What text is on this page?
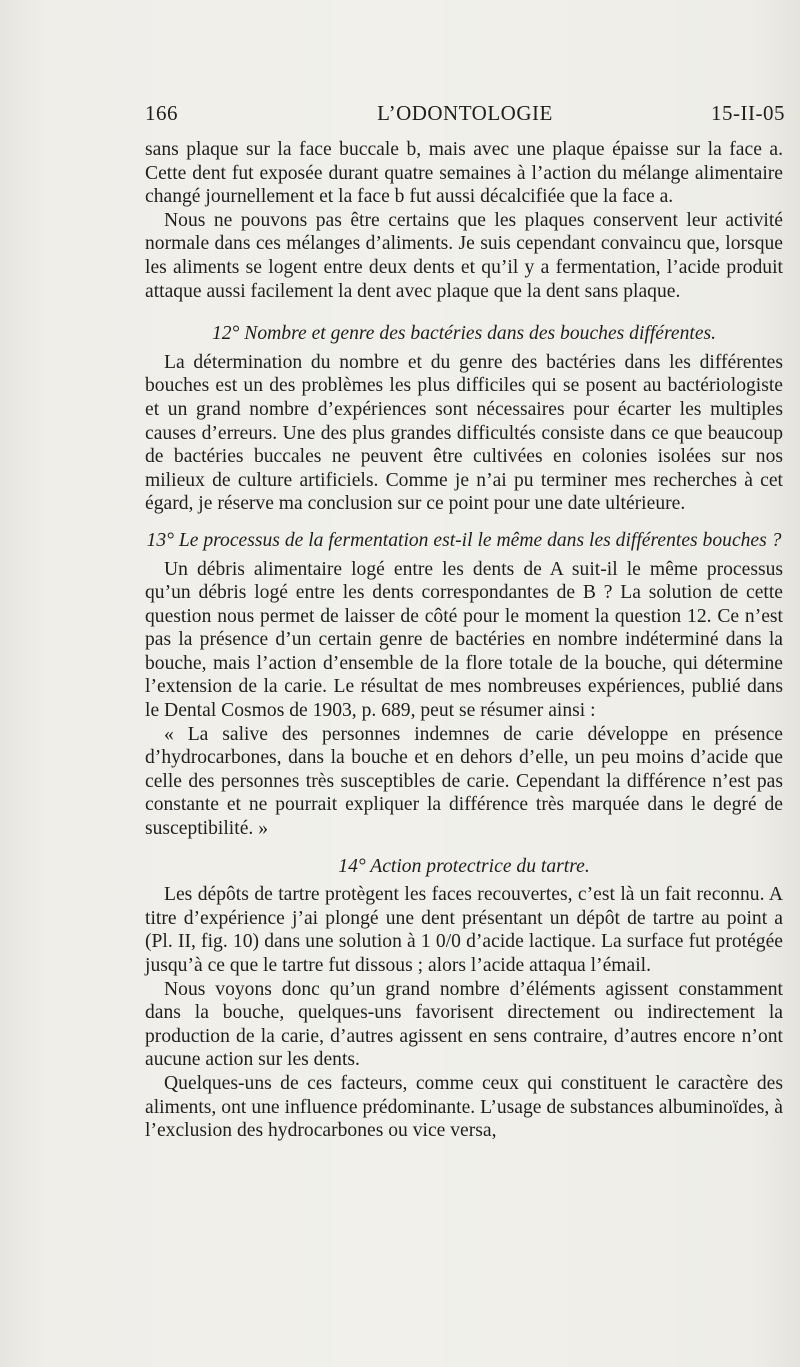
166	L’ODONTOLOGIE	15-II-05

sans plaque sur la face buccale b, mais avec une plaque épaisse sur la face a. Cette dent fut exposée durant quatre semaines à l’action du mélange alimentaire changé journellement et la face b fut aussi décalcifiée que la face a.

Nous ne pouvons pas être certains que les plaques conservent leur activité normale dans ces mélanges d’aliments. Je suis cependant convaincu que, lorsque les aliments se logent entre deux dents et qu’il y a fermentation, l’acide produit attaque aussi facilement la dent avec plaque que la dent sans plaque.

12° Nombre et genre des bactéries dans des bouches différentes.

La détermination du nombre et du genre des bactéries dans les différentes bouches est un des problèmes les plus difficiles qui se posent au bactériologiste et un grand nombre d’expériences sont nécessaires pour écarter les multiples causes d’erreurs. Une des plus grandes difficultés consiste dans ce que beaucoup de bactéries buccales ne peuvent être cultivées en colonies isolées sur nos milieux de culture artificiels. Comme je n’ai pu terminer mes recherches à cet égard, je réserve ma conclusion sur ce point pour une date ultérieure.

13° Le processus de la fermentation est-il le même dans les différentes bouches ?

Un débris alimentaire logé entre les dents de A suit-il le même processus qu’un débris logé entre les dents correspondantes de B ? La solution de cette question nous permet de laisser de côté pour le moment la question 12. Ce n’est pas la présence d’un certain genre de bactéries en nombre indéterminé dans la bouche, mais l’action d’ensemble de la flore totale de la bouche, qui détermine l’extension de la carie. Le résultat de mes nombreuses expériences, publié dans le Dental Cosmos de 1903, p. 689, peut se résumer ainsi :

« La salive des personnes indemnes de carie développe en présence d’hydrocarbones, dans la bouche et en dehors d’elle, un peu moins d’acide que celle des personnes très susceptibles de carie. Cependant la différence n’est pas constante et ne pourrait expliquer la différence très marquée dans le degré de susceptibilité. »

14° Action protectrice du tartre.

Les dépôts de tartre protègent les faces recouvertes, c’est là un fait reconnu. A titre d’expérience j’ai plongé une dent présentant un dépôt de tartre au point a (Pl. II, fig. 10) dans une solution à 1 0/0 d’acide lactique. La surface fut protégée jusqu’à ce que le tartre fut dissous ; alors l’acide attaqua l’émail.

Nous voyons donc qu’un grand nombre d’éléments agissent constamment dans la bouche, quelques-uns favorisent directement ou indirectement la production de la carie, d’autres agissent en sens contraire, d’autres encore n’ont aucune action sur les dents.

Quelques-uns de ces facteurs, comme ceux qui constituent le caractère des aliments, ont une influence prédominante. L’usage de substances albuminoïdes, à l’exclusion des hydrocarbones ou vice versa,
